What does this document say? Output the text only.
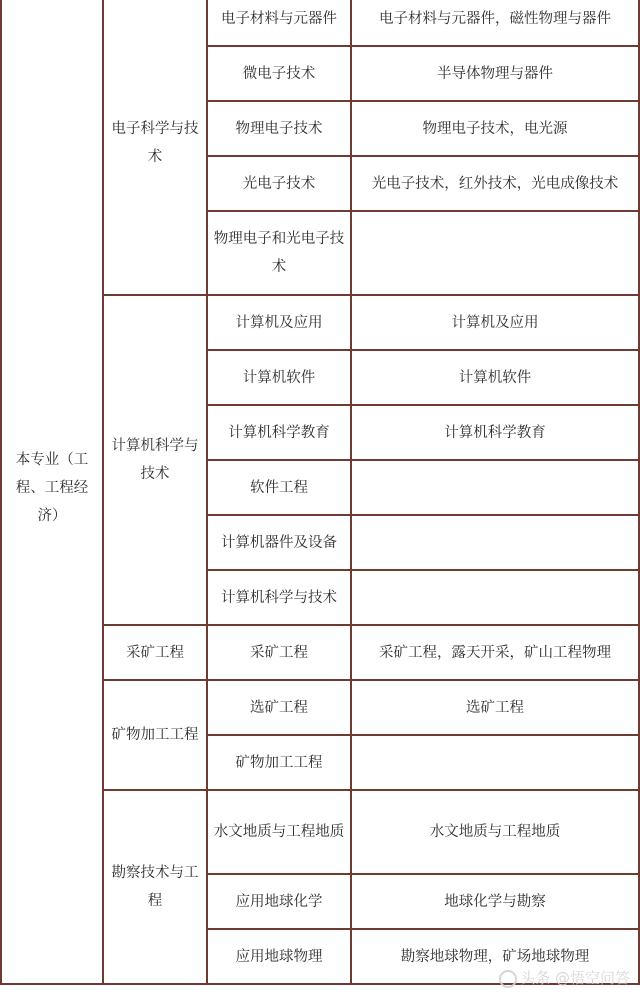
本专业（工程、工程经济）	电子科学与技术	电子材料与元器件	电子材料与元器件，磁性物理与器件
		微电子技术	半导体物理与器件
		物理电子技术	物理电子技术，电光源
		光电子技术	光电子技术，红外技术，光电成像技术
		物理电子和光电子技术	
	计算机科学与技术	计算机及应用	计算机及应用
		计算机软件	计算机软件
		计算机科学教育	计算机科学教育
		软件工程	
		计算机器件及设备	
		计算机科学与技术	
	采矿工程	采矿工程	采矿工程，露天开采，矿山工程物理
	矿物加工工程	选矿工程	选矿工程
		矿物加工工程	
	勘察技术与工程	水文地质与工程地质	水文地质与工程地质
		应用地球化学	地球化学与勘察
		应用地球物理	勘察地球物理，矿场地球物理
头条 @悟空问答
